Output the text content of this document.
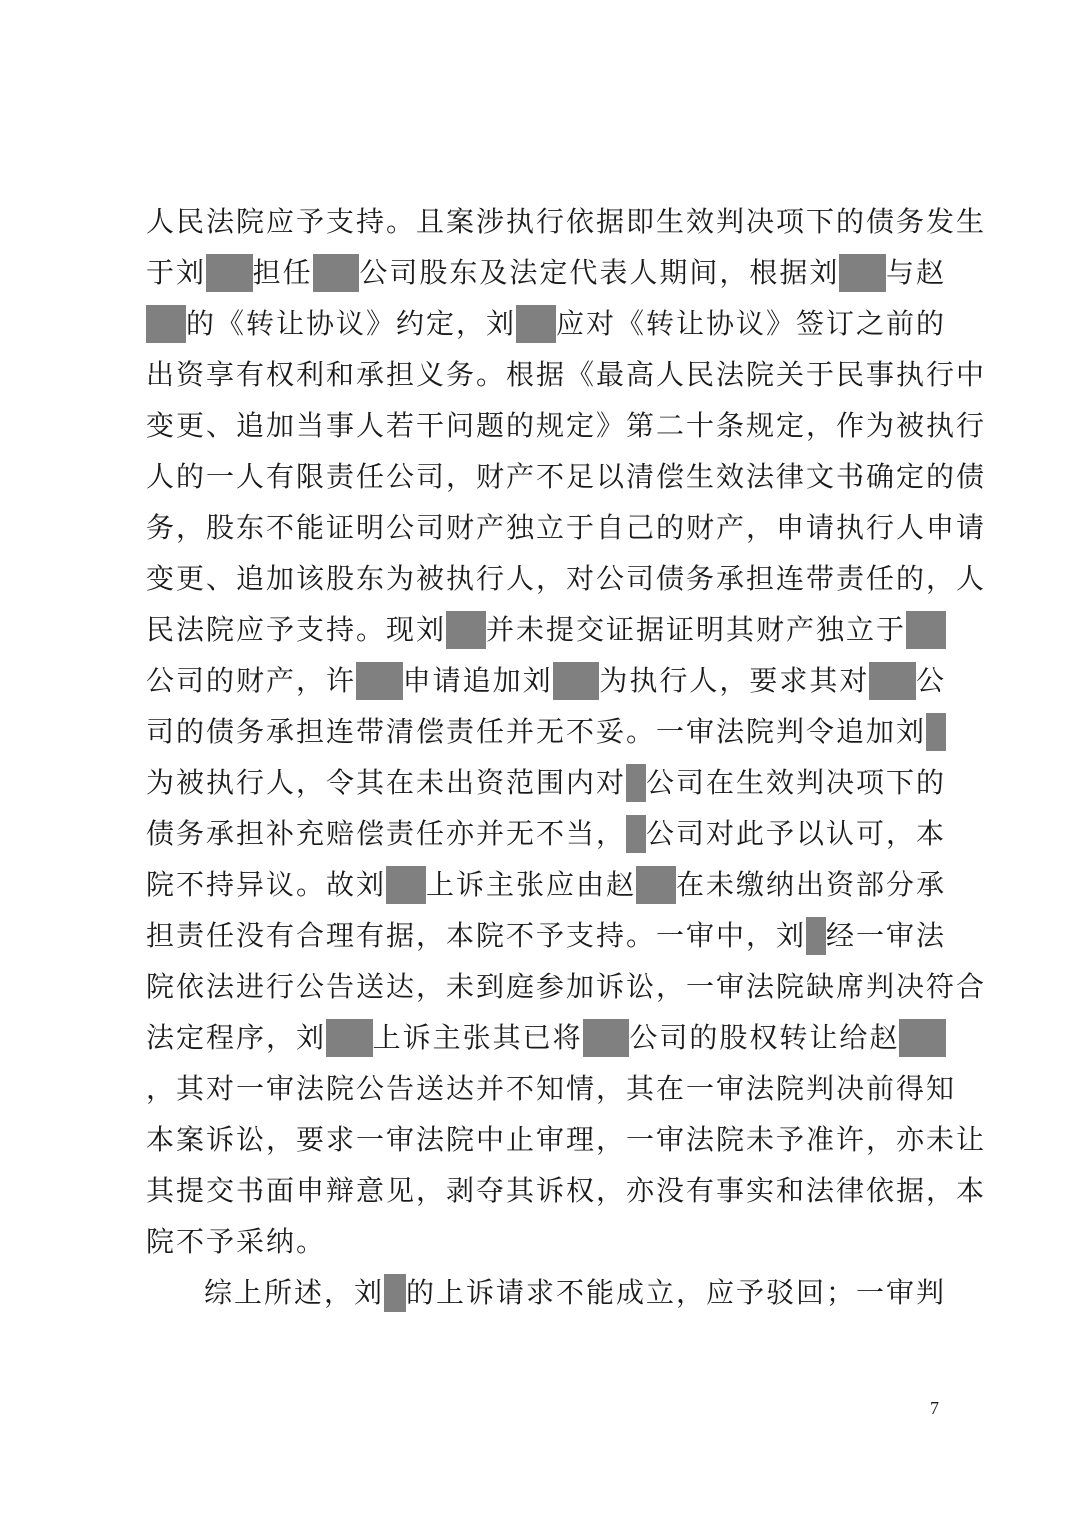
人民法院应予支持。且案涉执行依据即生效判决项下的债务发生
于刘 担任 公司股东及法定代表人期间，根据刘 与赵
的《转让协议》约定，刘 应对《转让协议》签订之前的
出资享有权利和承担义务。根据《最高人民法院关于民事执行中
变更、追加当事人若干问题的规定》第二十条规定，作为被执行
人的一人有限责任公司，财产不足以清偿生效法律文书确定的债
务，股东不能证明公司财产独立于自己的财产，申请执行人申请
变更、追加该股东为被执行人，对公司债务承担连带责任的，人
民法院应予支持。现刘 并未提交证据证明其财产独立于
公司的财产，许 申请追加刘 为执行人，要求其对 公
司的债务承担连带清偿责任并无不妥。一审法院判令追加刘
为被执行人，令其在未出资范围内对 公司在生效判决项下的
债务承担补充赔偿责任亦并无不当， 公司对此予以认可，本
院不持异议。故刘 上诉主张应由赵 在未缴纳出资部分承
担责任没有合理有据，本院不予支持。一审中，刘 经一审法
院依法进行公告送达，未到庭参加诉讼，一审法院缺席判决符合
法定程序，刘 上诉主张其已将 公司的股权转让给赵
，其对一审法院公告送达并不知情，其在一审法院判决前得知
本案诉讼，要求一审法院中止审理，一审法院未予准许，亦未让
其提交书面申辩意见，剥夺其诉权，亦没有事实和法律依据，本
院不予采纳。
综上所述，刘 的上诉请求不能成立，应予驳回；一审判
7
